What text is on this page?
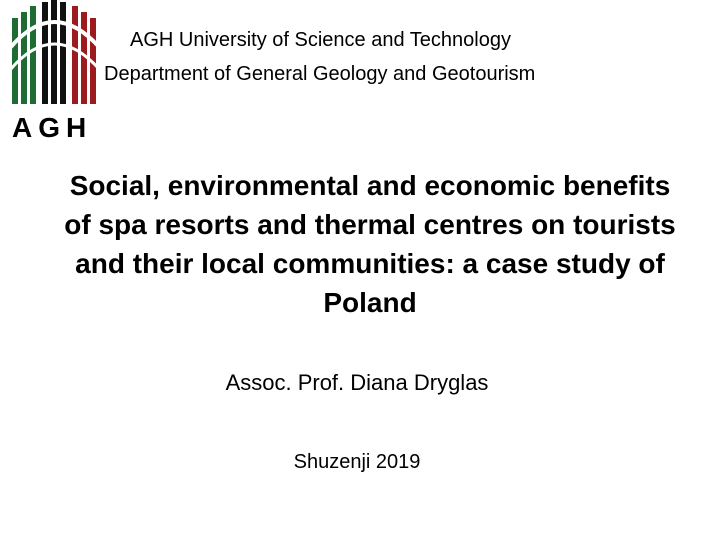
AGH
AGH University of Science and Technology
Department of General Geology and Geotourism
Social, environmental and economic benefits of spa resorts and thermal centres on tourists and their local communities: a case study of Poland
Assoc. Prof. Diana Dryglas
Shuzenji 2019
